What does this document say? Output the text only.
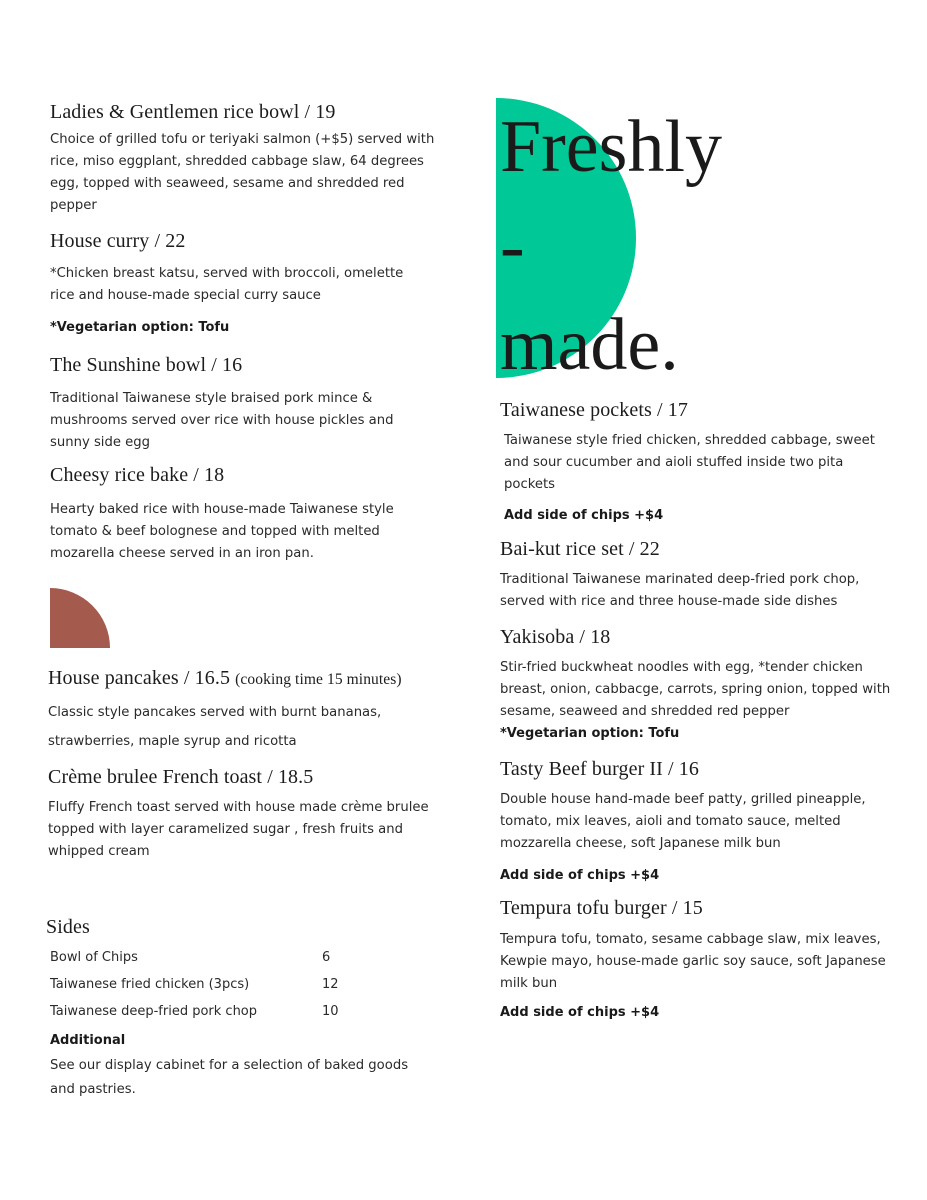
Freshly
-
made.
Ladies & Gentlemen rice bowl / 19
Choice of grilled tofu or teriyaki salmon (+$5) served with rice, miso eggplant, shredded cabbage slaw, 64 degrees egg, topped with seaweed, sesame and shredded red pepper
House curry / 22
*Chicken breast katsu, served with broccoli, omelette rice and house-made special curry sauce
*Vegetarian option: Tofu
The Sunshine bowl / 16
Traditional Taiwanese style braised pork mince & mushrooms served over rice with house pickles and sunny side egg
Cheesy rice bake / 18
Hearty baked rice with house-made Taiwanese style tomato & beef bolognese and topped with melted mozarella cheese served in an iron pan.
House pancakes / 16.5 (cooking time 15 minutes)
Classic style pancakes served with burnt bananas,
strawberries, maple syrup and ricotta
Crème brulee French toast / 18.5
Fluffy French toast served with house made crème brulee topped with layer caramelized sugar , fresh fruits and whipped cream
Sides
Bowl of Chips	6
Taiwanese fried chicken (3pcs)	12
Taiwanese deep-fried pork chop	10
Additional
See our display cabinet for a selection of baked goods and pastries.
Taiwanese pockets / 17
Taiwanese style fried chicken, shredded cabbage, sweet and sour cucumber and aioli stuffed inside two pita pockets
Add side of chips +$4
Bai-kut rice set / 22
Traditional Taiwanese marinated deep-fried pork chop, served with rice and three house-made side dishes
Yakisoba / 18
Stir-fried buckwheat noodles with egg, *tender chicken breast, onion, cabbacge, carrots, spring onion, topped with sesame, seaweed and shredded red pepper
*Vegetarian option: Tofu
Tasty Beef burger II / 16
Double house hand-made beef patty, grilled pineapple, tomato, mix leaves, aioli and tomato sauce, melted mozzarella cheese, soft Japanese milk bun
Add side of chips +$4
Tempura tofu burger / 15
Tempura tofu, tomato, sesame cabbage slaw, mix leaves, Kewpie mayo, house-made garlic soy sauce, soft Japanese milk bun
Add side of chips +$4
